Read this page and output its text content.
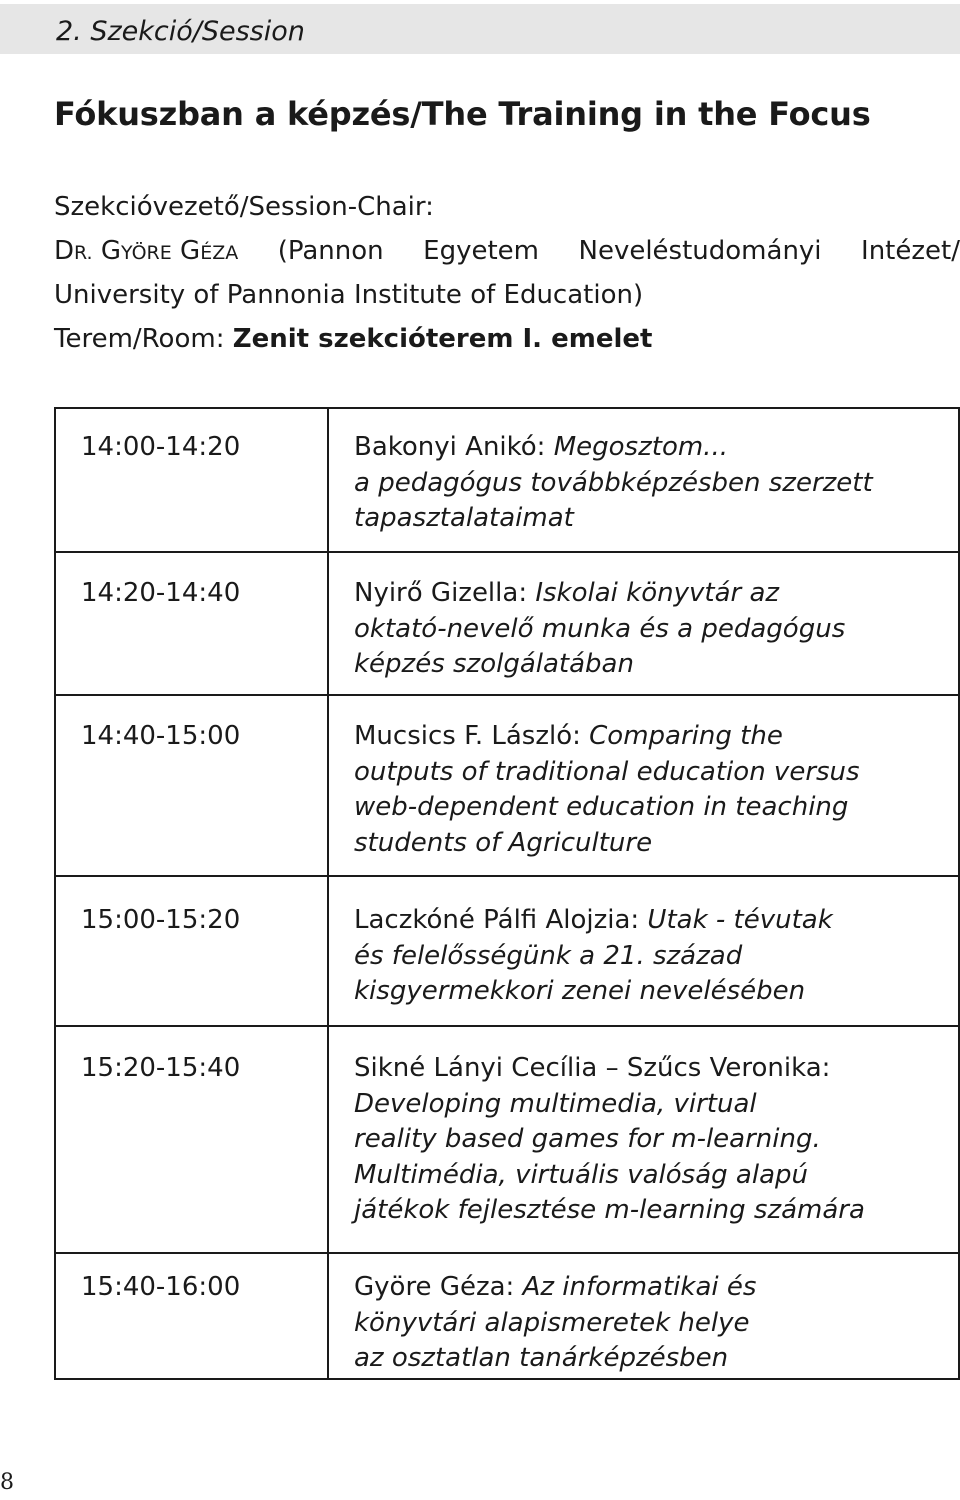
2. Szekció/Session
Fókuszban a képzés/The Training in the Focus
Szekcióvezető/Session-Chair:
DR. GYÖRE GÉZA (Pannon Egyetem Neveléstudományi Intézet/
University of Pannonia Institute of Education)
Terem/Room: Zenit szekcióterem I. emelet
14:00-14:20	Bakonyi Anikó: Megosztom...
a pedagógus továbbképzésben szerzett
tapasztalataimat
14:20-14:40	Nyirő Gizella: Iskolai könyvtár az
oktató-nevelő munka és a pedagógus
képzés szolgálatában
14:40-15:00	Mucsics F. László: Comparing the
outputs of traditional education versus
web-dependent education in teaching
students of Agriculture
15:00-15:20	Laczkóné Pálfi Alojzia: Utak - tévutak
és felelősségünk a 21. század
kisgyermekkori zenei nevelésében
15:20-15:40	Sikné Lányi Cecília – Szűcs Veronika:
Developing multimedia, virtual
reality based games for m-learning.
Multimédia, virtuális valóság alapú
játékok fejlesztése m-learning számára
15:40-16:00	Györe Géza: Az informatikai és
könyvtári alapismeretek helye
az osztatlan tanárképzésben
8
